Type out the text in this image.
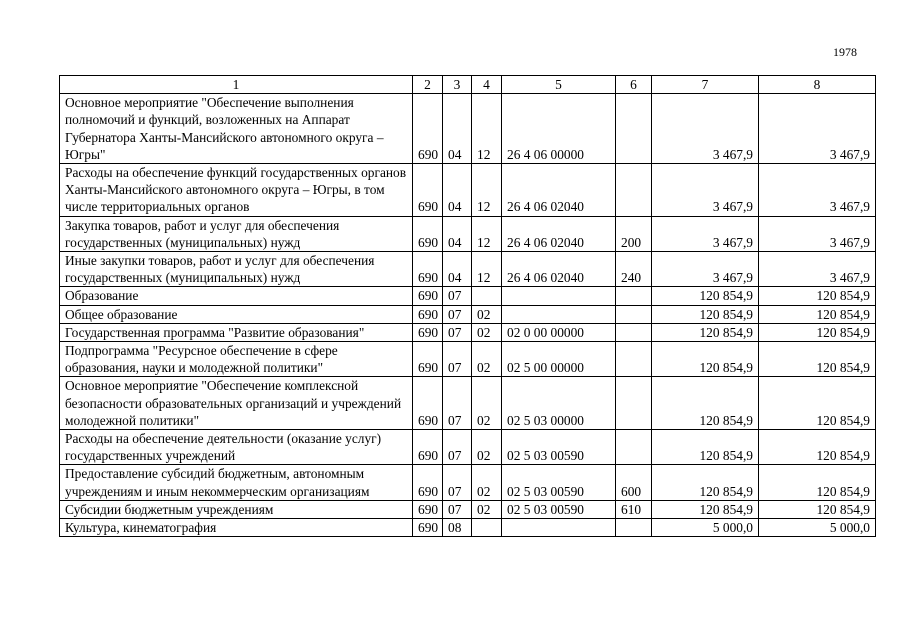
1978
1	2	3	4	5	6	7	8
Основное мероприятие "Обеспечение выполнения полномочий и функций, возложенных на Аппарат Губернатора Ханты-Мансийского автономного округа – Югры"	690	04	12	26 4 06 00000		3 467,9	3 467,9
Расходы на обеспечение функций государственных органов Ханты-Мансийского автономного округа – Югры, в том числе территориальных органов	690	04	12	26 4 06 02040		3 467,9	3 467,9
Закупка товаров, работ и услуг для обеспечения государственных (муниципальных) нужд	690	04	12	26 4 06 02040	200	3 467,9	3 467,9
Иные закупки товаров, работ и услуг для обеспечения государственных (муниципальных) нужд	690	04	12	26 4 06 02040	240	3 467,9	3 467,9
Образование	690	07				120 854,9	120 854,9
Общее образование	690	07	02			120 854,9	120 854,9
Государственная программа "Развитие образования"	690	07	02	02 0 00 00000		120 854,9	120 854,9
Подпрограмма "Ресурсное обеспечение в сфере образования, науки и молодежной политики"	690	07	02	02 5 00 00000		120 854,9	120 854,9
Основное мероприятие "Обеспечение комплексной безопасности образовательных организаций и учреждений молодежной политики"	690	07	02	02 5 03 00000		120 854,9	120 854,9
Расходы на обеспечение деятельности (оказание услуг) государственных учреждений	690	07	02	02 5 03 00590		120 854,9	120 854,9
Предоставление субсидий бюджетным, автономным учреждениям и иным некоммерческим организациям	690	07	02	02 5 03 00590	600	120 854,9	120 854,9
Субсидии бюджетным учреждениям	690	07	02	02 5 03 00590	610	120 854,9	120 854,9
Культура, кинематография	690	08				5 000,0	5 000,0
